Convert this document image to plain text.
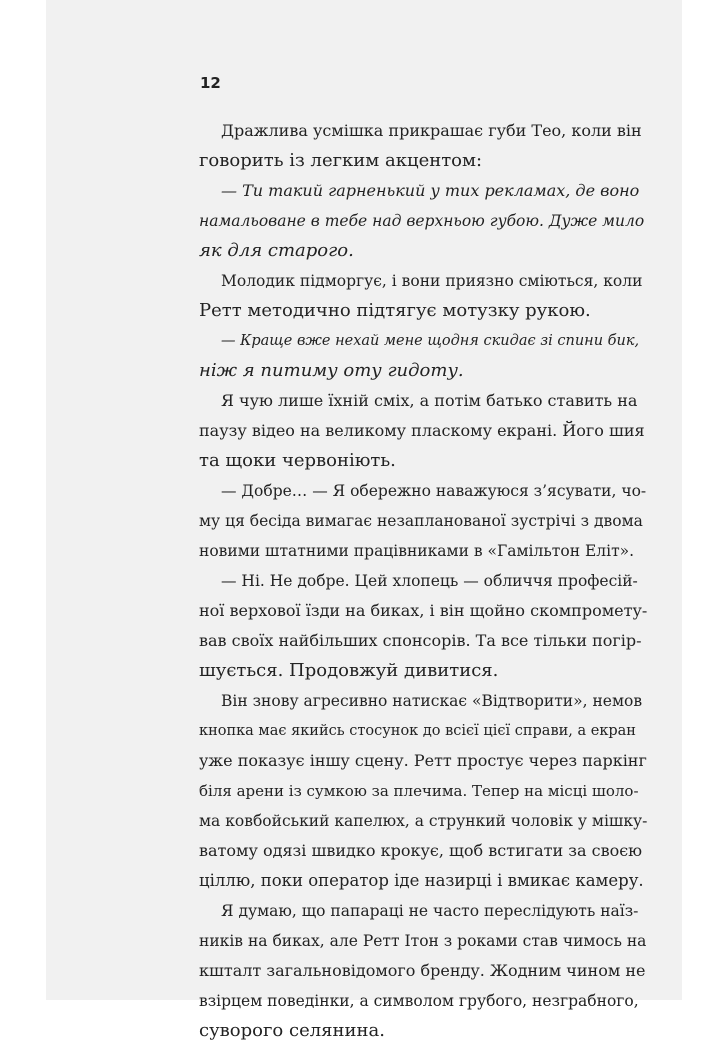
12
Дражлива усмішка прикрашає губи Тео, коли він
говорить із легким акцентом:
— Ти такий гарненький у тих рекламах, де воно
намальоване в тебе над верхньою губою. Дуже мило
як для старого.
Молодик підморгує, і вони приязно сміються, коли
Ретт методично підтягує мотузку рукою.
— Краще вже нехай мене щодня скидає зі спини бик,
ніж я питиму оту гидоту.
Я чую лише їхній сміх, а потім батько ставить на
паузу відео на великому пласкому екрані. Його шия
та щоки червоніють.
— Добре… — Я обережно наважуюся з’ясувати, чо-
му ця бесіда вимагає незапланованої зустрічі з двома
новими штатними працівниками в «Гамільтон Еліт».
— Ні. Не добре. Цей хлопець — обличчя професій-
ної верхової їзди на биках, і він щойно скомпромету-
вав своїх найбільших спонсорів. Та все тільки погір-
шується. Продовжуй дивитися.
Він знову агресивно натискає «Відтворити», немов
кнопка має якийсь стосунок до всієї цієї справи, а екран
уже показує іншу сцену. Ретт простує через паркінг
біля арени із сумкою за плечима. Тепер на місці шоло-
ма ковбойський капелюх, а стрункий чоловік у мішку-
ватому одязі швидко крокує, щоб встигати за своєю
ціллю, поки оператор іде назирці і вмикає камеру.
Я думаю, що папараці не часто переслідують наїз-
ників на биках, але Ретт Ітон з роками став чимось на
кшталт загальновідомого бренду. Жодним чином не
взірцем поведінки, а символом грубого, незграбного,
суворого селянина.
